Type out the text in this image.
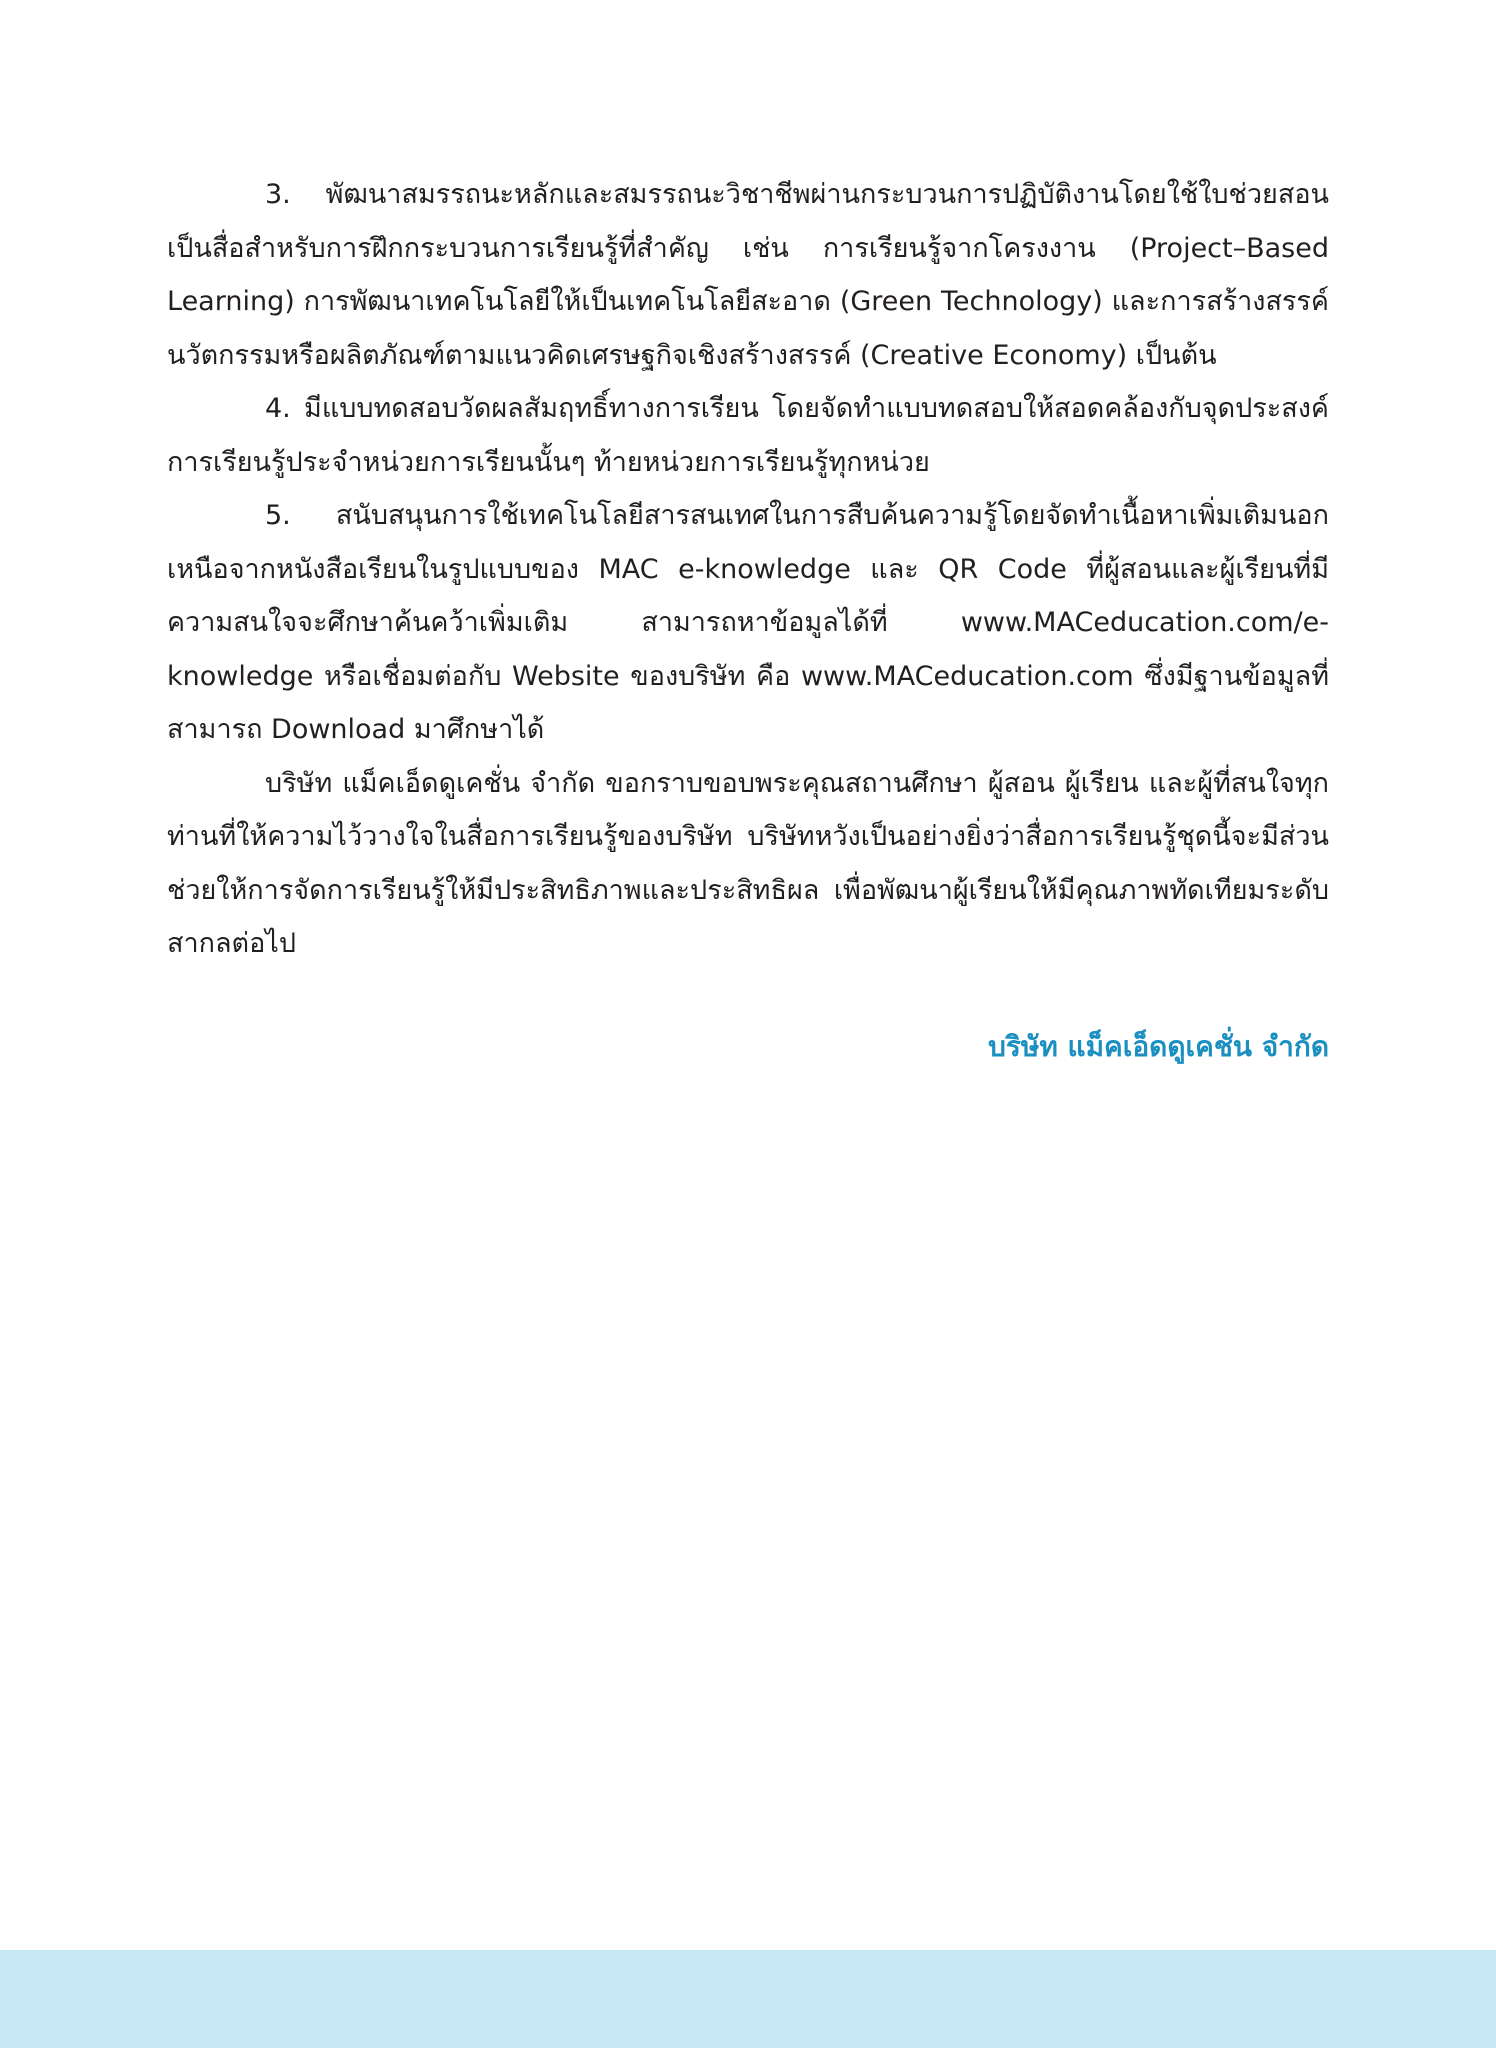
3. พัฒนาสมรรถนะหลักและสมรรถนะวิชาชีพผ่านกระบวนการปฏิบัติงานโดยใช้ใบช่วยสอนเป็นสื่อสำหรับการฝึกกระบวนการเรียนรู้ที่สำคัญ เช่น การเรียนรู้จากโครงงาน (Project–Based Learning) การพัฒนาเทคโนโลยีให้เป็นเทคโนโลยีสะอาด (Green Technology) และการสร้างสรรค์นวัตกรรมหรือผลิตภัณฑ์ตามแนวคิดเศรษฐกิจเชิงสร้างสรรค์ (Creative Economy) เป็นต้น

4. มีแบบทดสอบวัดผลสัมฤทธิ์ทางการเรียน โดยจัดทำแบบทดสอบให้สอดคล้องกับจุดประสงค์การเรียนรู้ประจำหน่วยการเรียนนั้นๆ ท้ายหน่วยการเรียนรู้ทุกหน่วย

5. สนับสนุนการใช้เทคโนโลยีสารสนเทศในการสืบค้นความรู้โดยจัดทำเนื้อหาเพิ่มเติมนอกเหนือจากหนังสือเรียนในรูปแบบของ MAC e-knowledge และ QR Code ที่ผู้สอนและผู้เรียนที่มีความสนใจจะศึกษาค้นคว้าเพิ่มเติม สามารถหาข้อมูลได้ที่ www.MACeducation.com/e-knowledge หรือเชื่อมต่อกับ Website ของบริษัท คือ www.MACeducation.com ซึ่งมีฐานข้อมูลที่สามารถ Download มาศึกษาได้

บริษัท แม็คเอ็ดดูเคชั่น จำกัด ขอกราบขอบพระคุณสถานศึกษา ผู้สอน ผู้เรียน และผู้ที่สนใจทุกท่านที่ให้ความไว้วางใจในสื่อการเรียนรู้ของบริษัท บริษัทหวังเป็นอย่างยิ่งว่าสื่อการเรียนรู้ชุดนี้จะมีส่วนช่วยให้การจัดการเรียนรู้ให้มีประสิทธิภาพและประสิทธิผล เพื่อพัฒนาผู้เรียนให้มีคุณภาพทัดเทียมระดับสากลต่อไป

บริษัท แม็คเอ็ดดูเคชั่น จำกัด
